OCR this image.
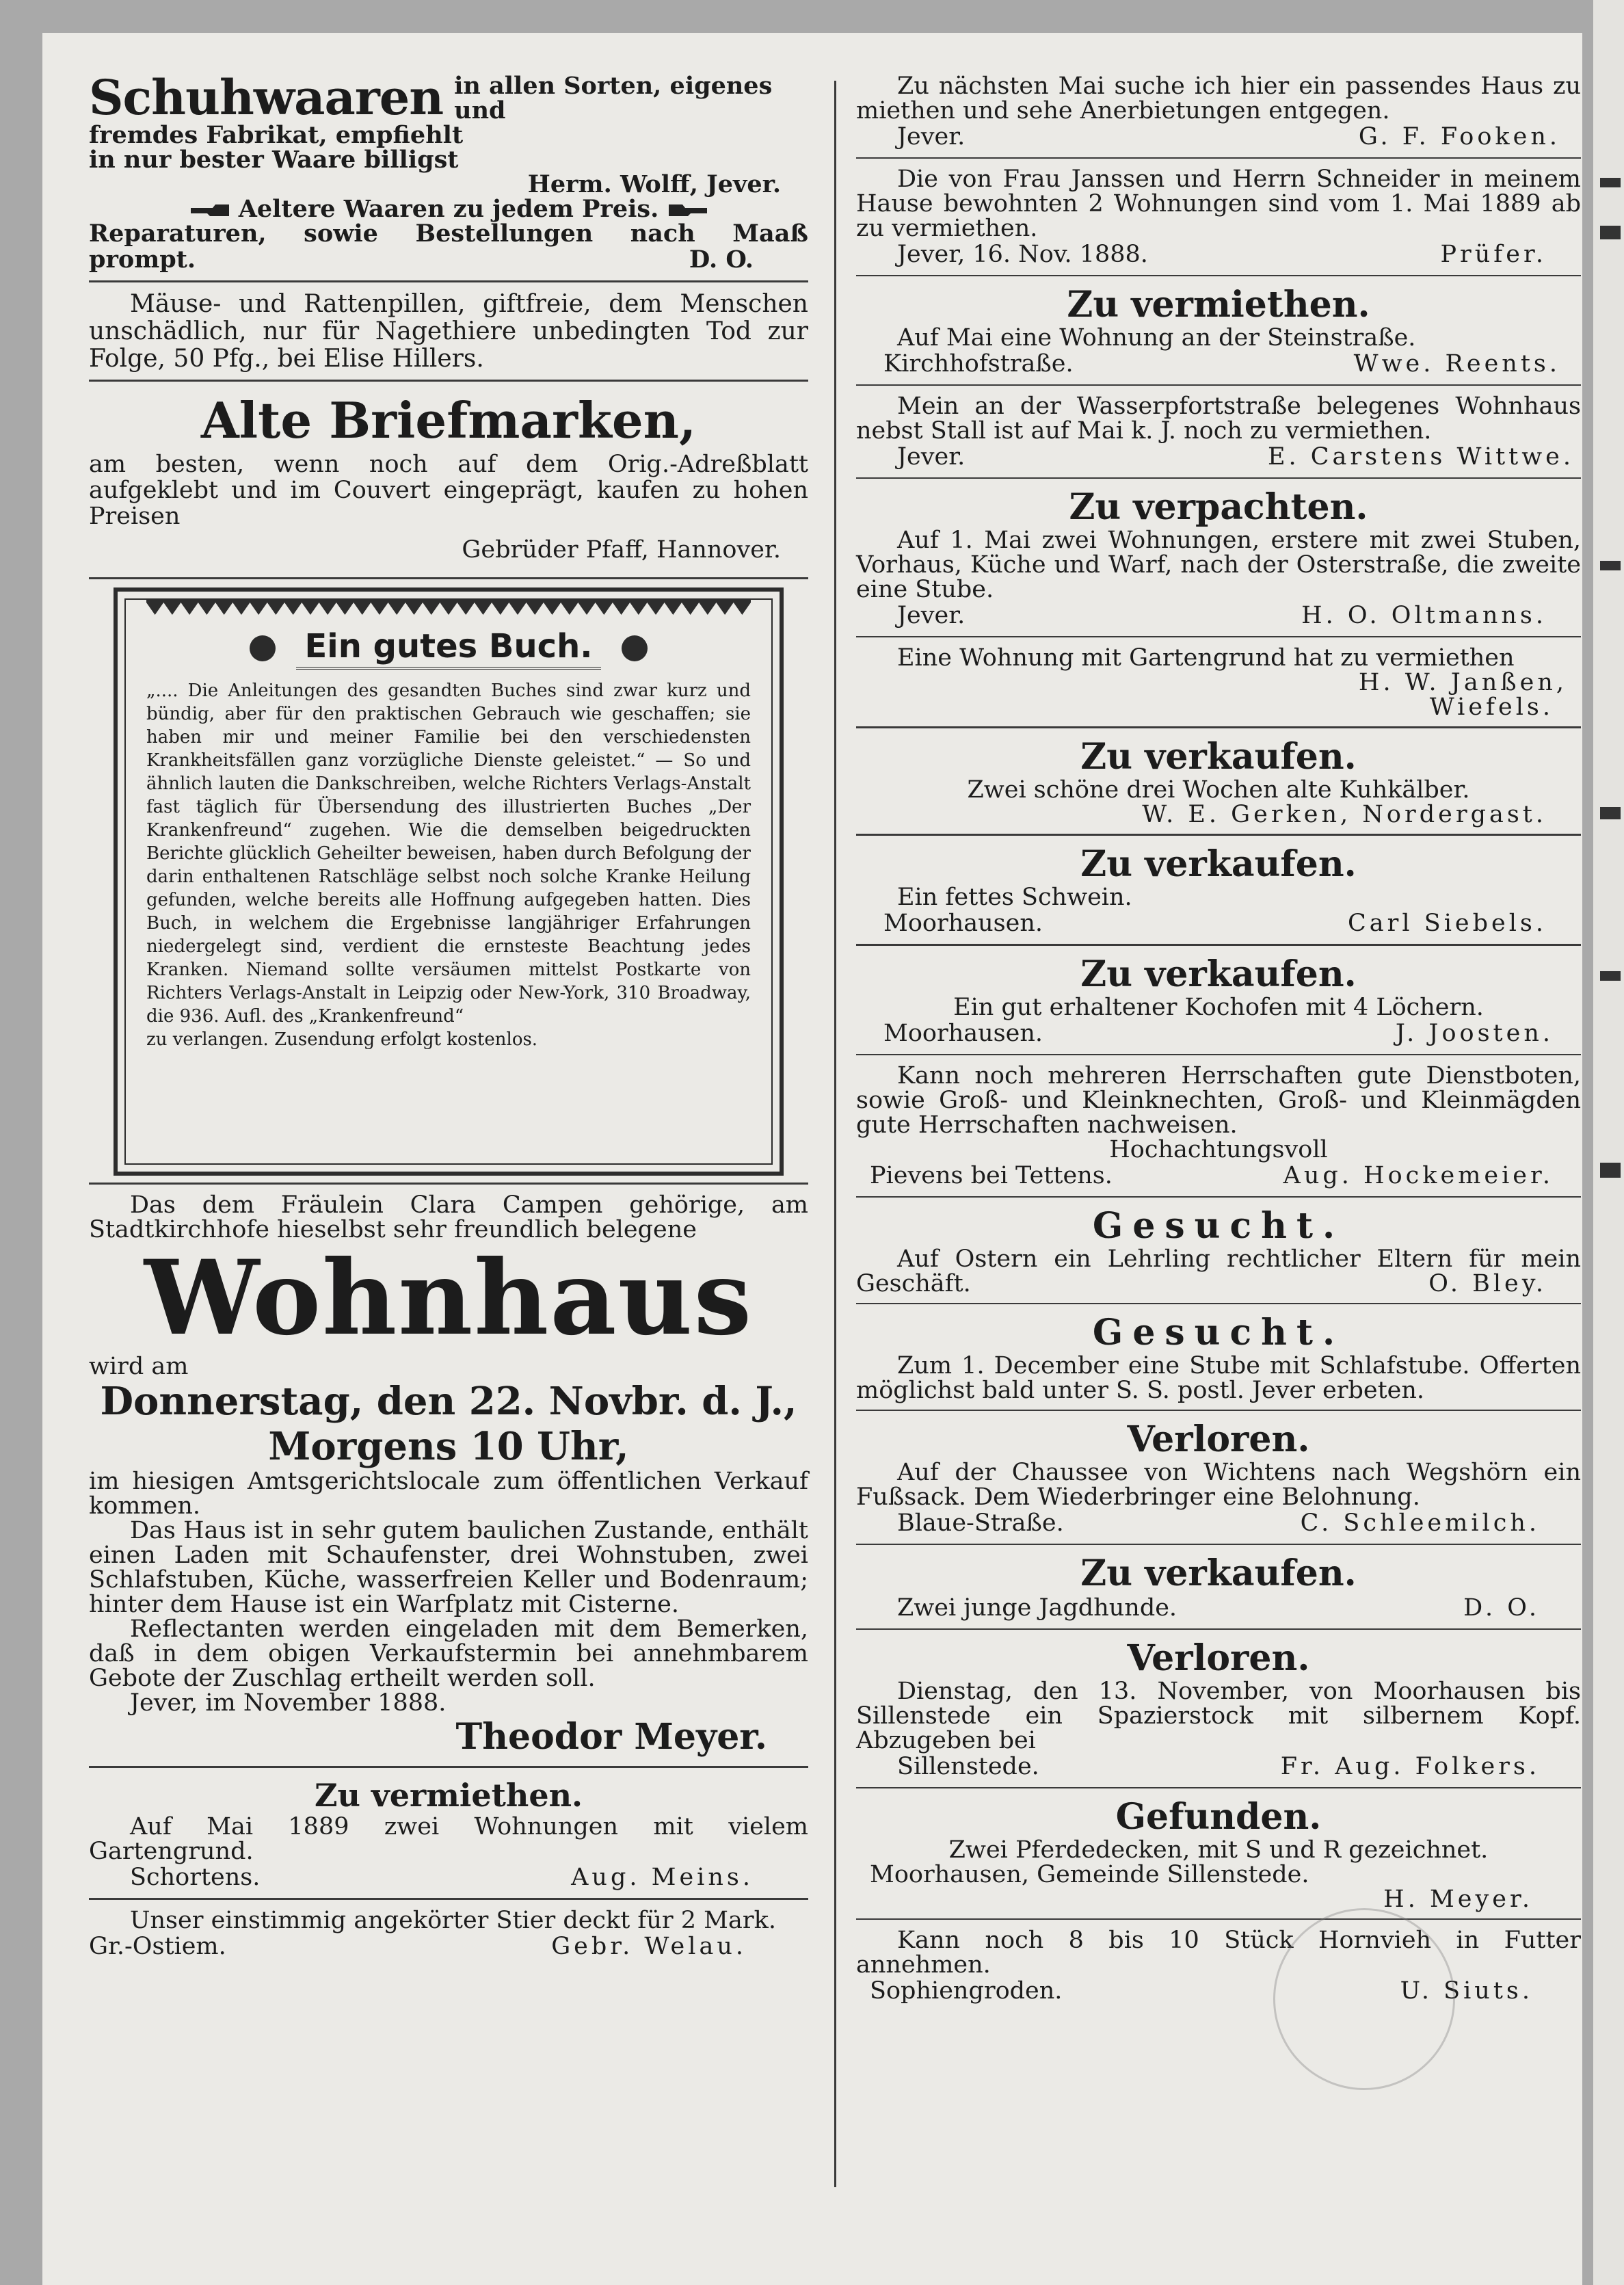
Schuhwaaren in allen Sorten, eigenes und

fremdes Fabrikat, empfiehlt

in nur bester Waare billigst

Herm. Wolff, Jever.

Aeltere Waaren zu jedem Preis.

Reparaturen, sowie Bestellungen nach Maaß

prompt.	D. O.

Mäuse- und Rattenpillen, giftfreie, dem Menschen unschädlich, nur für Nagethiere unbedingten Tod zur Folge, 50 Pfg., bei Elise Hillers.

Alte Briefmarken,

am besten, wenn noch auf dem Orig.-Adreßblatt aufgeklebt und im Couvert eingeprägt, kaufen zu hohen Preisen

Gebrüder Pfaff, Hannover.

Ein gutes Buch.

„.... Die Anleitungen des gesandten Buches sind zwar kurz und bündig, aber für den praktischen Gebrauch wie geschaffen; sie haben mir und meiner Familie bei den verschiedensten Krankheitsfällen ganz vorzügliche Dienste geleistet.“ — So und ähnlich lauten die Dankschreiben, welche Richters Verlags-Anstalt fast täglich für Übersendung des illustrierten Buches „Der Krankenfreund“ zugehen. Wie die demselben beigedruckten Berichte glücklich Geheilter beweisen, haben durch Befolgung der darin enthaltenen Ratschläge selbst noch solche Kranke Heilung gefunden, welche bereits alle Hoffnung aufgegeben hatten. Dies Buch, in welchem die Ergebnisse langjähriger Erfahrungen niedergelegt sind, verdient die ernsteste Beachtung jedes Kranken. Niemand sollte versäumen mittelst Postkarte von Richters Verlags-Anstalt in Leipzig oder New-York, 310 Broadway, die 936. Aufl. des „Krankenfreund“

zu verlangen. Zusendung erfolgt kostenlos.

Das dem Fräulein Clara Campen gehörige, am Stadtkirchhofe hieselbst sehr freundlich belegene

Wohnhaus

wird am

Donnerstag, den 22. Novbr. d. J.,

Morgens 10 Uhr,

im hiesigen Amtsgerichtslocale zum öffentlichen Verkauf kommen.

Das Haus ist in sehr gutem baulichen Zustande, enthält einen Laden mit Schaufenster, drei Wohnstuben, zwei Schlafstuben, Küche, wasserfreien Keller und Bodenraum; hinter dem Hause ist ein Warfplatz mit Cisterne.

Reflectanten werden eingeladen mit dem Bemerken, daß in dem obigen Verkaufstermin bei annehmbarem Gebote der Zuschlag ertheilt werden soll.

Jever, im November 1888.

Theodor Meyer.

Zu vermiethen.

Auf Mai 1889 zwei Wohnungen mit vielem Gartengrund.

Schortens.	Aug. Meins.

Unser einstimmig angekörter Stier deckt für 2 Mark.

Gr.-Ostiem.	Gebr. Welau.

Zu nächsten Mai suche ich hier ein passendes Haus zu miethen und sehe Anerbietungen entgegen.

Jever.	G. F. Fooken.

Die von Frau Janssen und Herrn Schneider in meinem Hause bewohnten 2 Wohnungen sind vom 1. Mai 1889 ab zu vermiethen.

Jever, 16. Nov. 1888.	Prüfer.

Zu vermiethen.

Auf Mai eine Wohnung an der Steinstraße.

Kirchhofstraße.	Wwe. Reents.

Mein an der Wasserpfortstraße belegenes Wohnhaus nebst Stall ist auf Mai k. J. noch zu vermiethen.

Jever.	E. Carstens Wittwe.

Zu verpachten.

Auf 1. Mai zwei Wohnungen, erstere mit zwei Stuben, Vorhaus, Küche und Warf, nach der Osterstraße, die zweite eine Stube.

Jever.	H. O. Oltmanns.

Eine Wohnung mit Gartengrund hat zu vermiethen

H. W. Janßen,

Wiefels.

Zu verkaufen.

Zwei schöne drei Wochen alte Kuhkälber.

W. E. Gerken, Nordergast.

Zu verkaufen.

Ein fettes Schwein.

Moorhausen.	Carl Siebels.

Zu verkaufen.

Ein gut erhaltener Kochofen mit 4 Löchern.

Moorhausen.	J. Joosten.

Kann noch mehreren Herrschaften gute Dienstboten, sowie Groß- und Kleinknechten, Groß- und Kleinmägden gute Herrschaften nachweisen.

Hochachtungsvoll

Pievens bei Tettens.	Aug. Hockemeier.

Gesucht.

Auf Ostern ein Lehrling rechtlicher Eltern für mein Geschäft.	O. Bley.

Gesucht.

Zum 1. December eine Stube mit Schlafstube. Offerten möglichst bald unter S. S. postl. Jever erbeten.

Verloren.

Auf der Chaussee von Wichtens nach Wegshörn ein Fußsack. Dem Wiederbringer eine Belohnung.

Blaue-Straße.	C. Schleemilch.

Zu verkaufen.

Zwei junge Jagdhunde.	D. O.

Verloren.

Dienstag, den 13. November, von Moorhausen bis Sillenstede ein Spazierstock mit silbernem Kopf. Abzugeben bei

Sillenstede.	Fr. Aug. Folkers.

Gefunden.

Zwei Pferdedecken, mit S und R gezeichnet.

Moorhausen, Gemeinde Sillenstede.

H. Meyer.

Kann noch 8 bis 10 Stück Hornvieh in Futter annehmen.

Sophiengroden.	U. Siuts.
